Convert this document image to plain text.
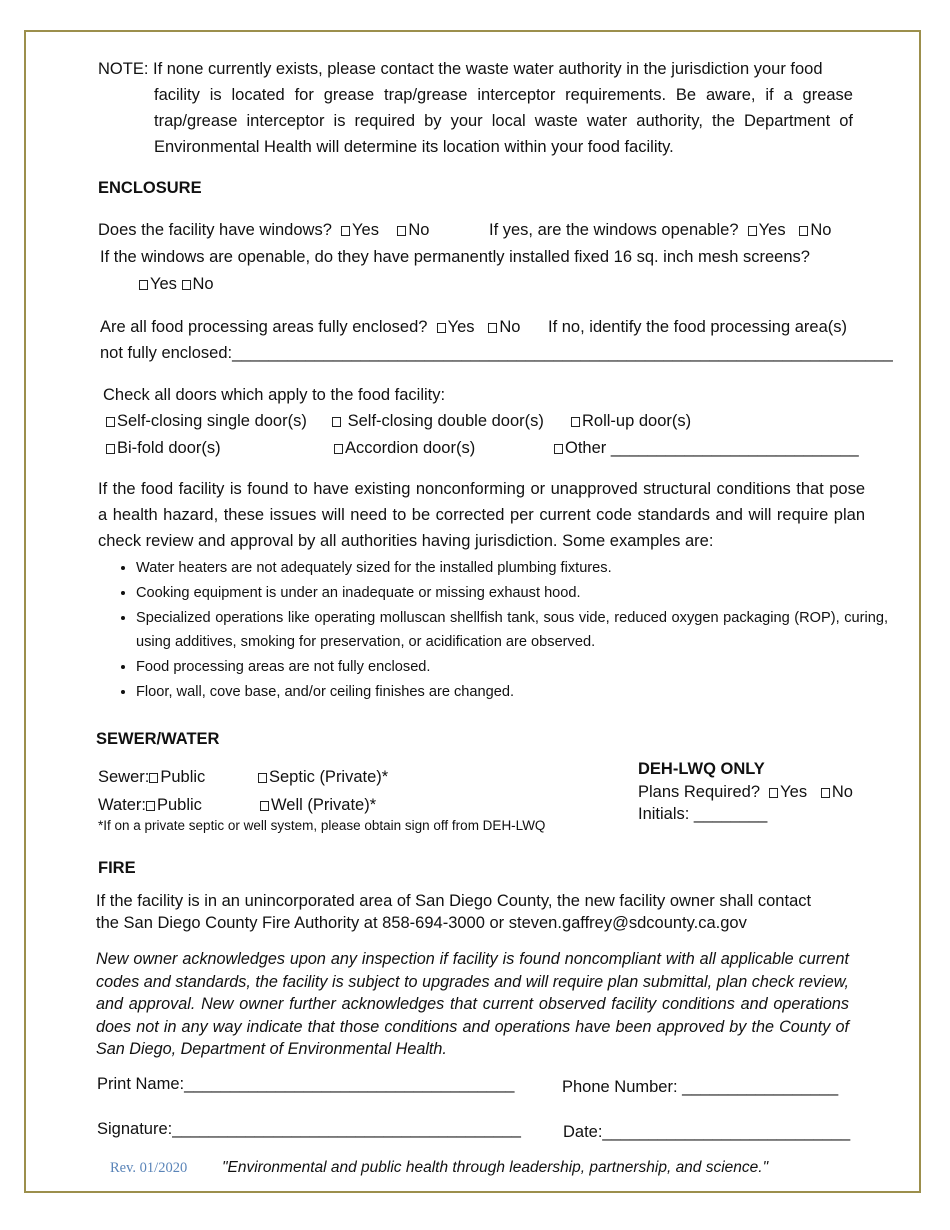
NOTE: If none currently exists, please contact the waste water authority in the jurisdiction your food
facility is located for grease trap/grease interceptor requirements. Be aware, if a grease trap/grease interceptor is required by your local waste water authority, the Department of Environmental Health will determine its location within your food facility.
ENCLOSURE
Does the facility have windows? Yes No	If yes, are the windows openable? Yes No
If the windows are openable, do they have permanently installed fixed 16 sq. inch mesh screens?
Yes No
Are all food processing areas fully enclosed? Yes No If no, identify the food processing area(s)
not fully enclosed:________________________________________________________________________
Check all doors which apply to the food facility:
Self-closing single door(s)	Self-closing double door(s)	Roll-up door(s)
Bi-fold door(s)	Accordion door(s)	Other ___________________________
If the food facility is found to have existing nonconforming or unapproved structural conditions that pose a health hazard, these issues will need to be corrected per current code standards and will require plan check review and approval by all authorities having jurisdiction. Some examples are:
• Water heaters are not adequately sized for the installed plumbing fixtures.
• Cooking equipment is under an inadequate or missing exhaust hood.
• Specialized operations like operating molluscan shellfish tank, sous vide, reduced oxygen packaging (ROP), curing, using additives, smoking for preservation, or acidification are observed.
• Food processing areas are not fully enclosed.
• Floor, wall, cove base, and/or ceiling finishes are changed.
SEWER/WATER
Sewer: Public	Septic (Private)*
Water: Public	Well (Private)*
*If on a private septic or well system, please obtain sign off from DEH-LWQ
DEH-LWQ ONLY
Plans Required? Yes No
Initials: ________
FIRE
If the facility is in an unincorporated area of San Diego County, the new facility owner shall contact
the San Diego County Fire Authority at 858-694-3000 or steven.gaffrey@sdcounty.ca.gov
New owner acknowledges upon any inspection if facility is found noncompliant with all applicable current codes and standards, the facility is subject to upgrades and will require plan submittal, plan check review, and approval. New owner further acknowledges that current observed facility conditions and operations does not in any way indicate that those conditions and operations have been approved by the County of San Diego, Department of Environmental Health.
Print Name:____________________________________	Phone Number: _________________
Signature:______________________________________	Date:___________________________
Rev. 01/2020 "Environmental and public health through leadership, partnership, and science."
